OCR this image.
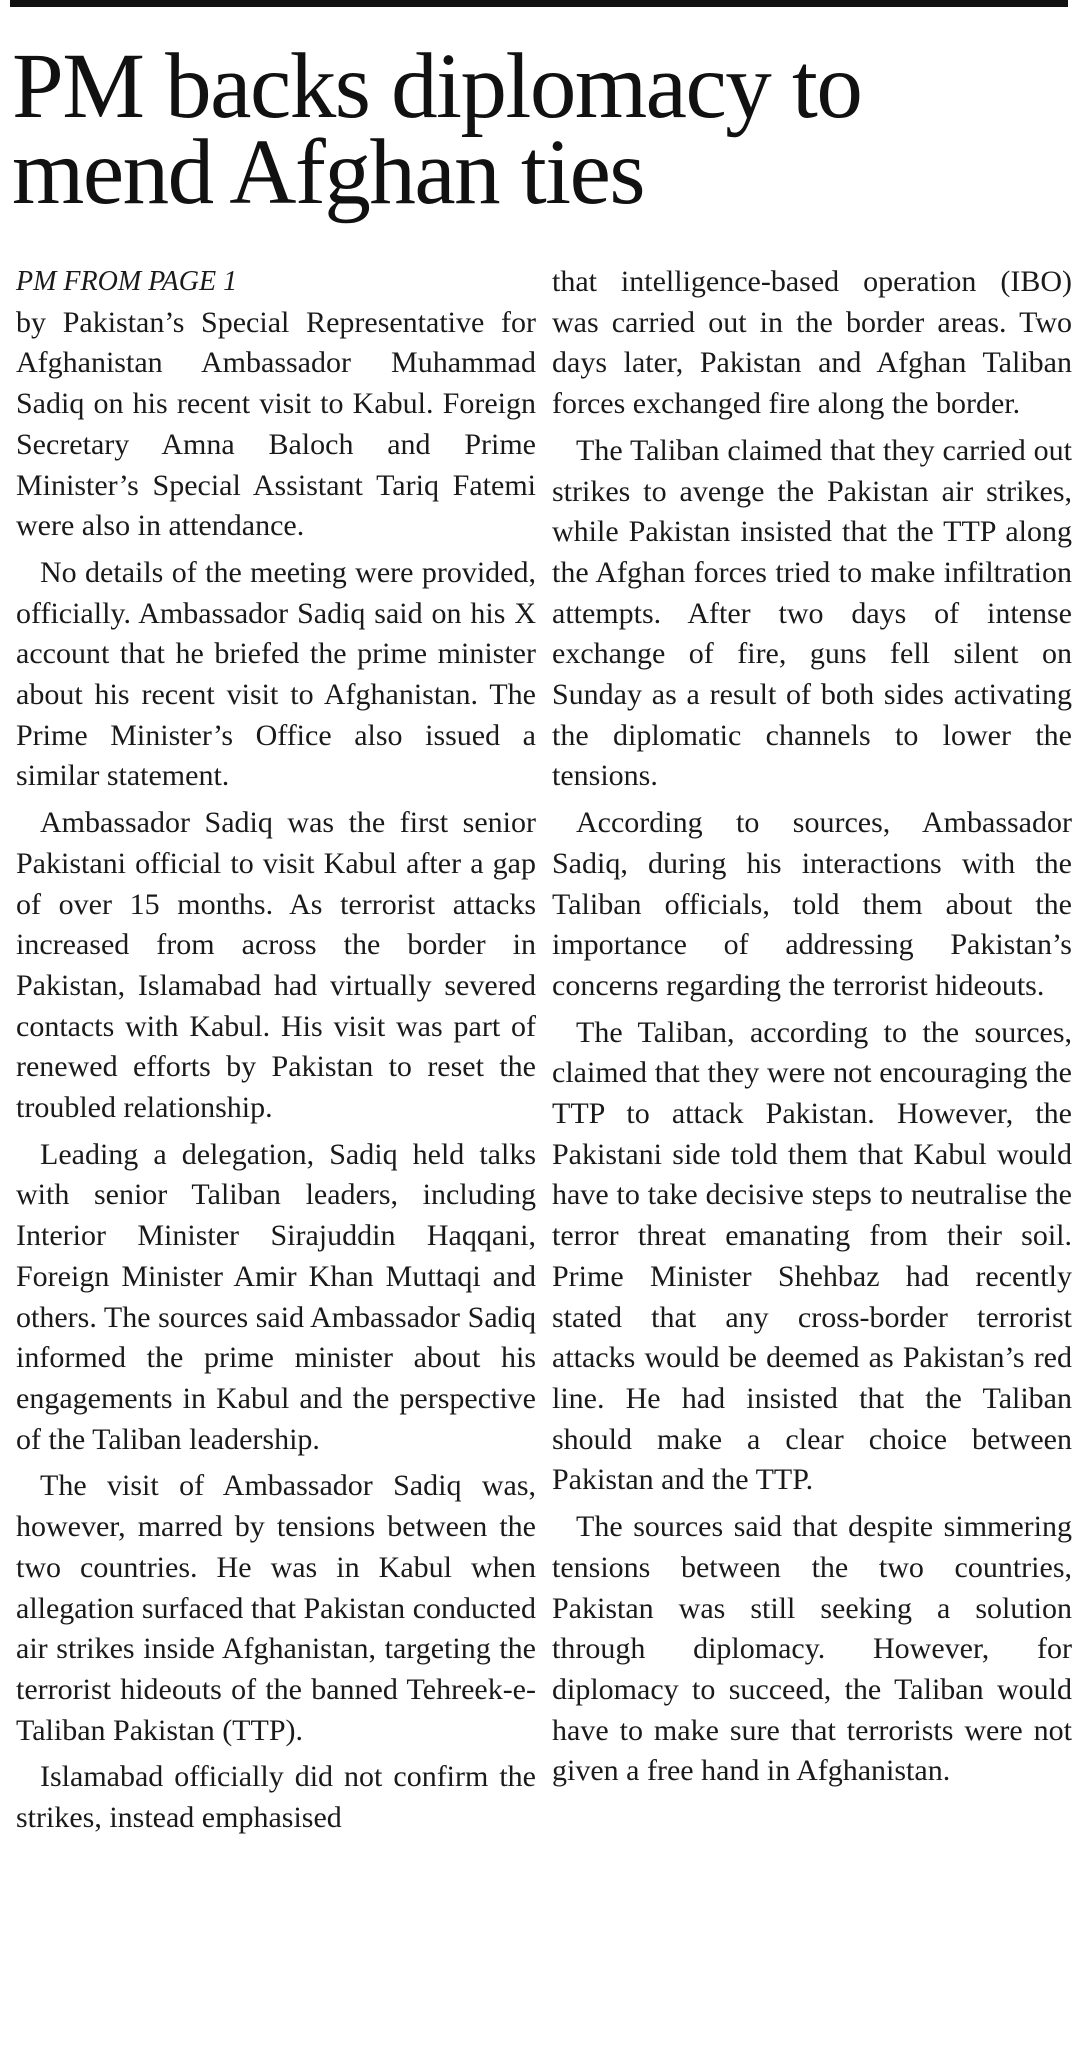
PM backs diplomacy to mend Afghan ties

PM FROM PAGE 1
by Pakistan’s Special Representative for Afghanistan Ambassador Muhammad Sadiq on his recent visit to Kabul. Foreign Secretary Amna Baloch and Prime Minister’s Special Assistant Tariq Fatemi were also in attendance.

No details of the meeting were provided, officially. Ambassador Sadiq said on his X account that he briefed the prime minister about his recent visit to Afghanistan. The Prime Minister’s Office also issued a similar statement.

Ambassador Sadiq was the first senior Pakistani official to visit Kabul after a gap of over 15 months. As terrorist attacks increased from across the border in Pakistan, Islamabad had virtually severed contacts with Kabul. His visit was part of renewed efforts by Pakistan to reset the troubled relationship.

Leading a delegation, Sadiq held talks with senior Taliban leaders, including Interior Minister Sirajuddin Haqqani, Foreign Minister Amir Khan Muttaqi and others. The sources said Ambassador Sadiq informed the prime minister about his engagements in Kabul and the perspective of the Taliban leadership.

The visit of Ambassador Sadiq was, however, marred by tensions between the two countries. He was in Kabul when allegation surfaced that Pakistan conducted air strikes inside Afghanistan, targeting the terrorist hideouts of the banned Tehreek-e-Taliban Pakistan (TTP).

Islamabad officially did not confirm the strikes, instead emphasised

that intelligence-based operation (IBO) was carried out in the border areas. Two days later, Pakistan and Afghan Taliban forces exchanged fire along the border.

The Taliban claimed that they carried out strikes to avenge the Pakistan air strikes, while Pakistan insisted that the TTP along the Afghan forces tried to make infiltration attempts. After two days of intense exchange of fire, guns fell silent on Sunday as a result of both sides activating the diplomatic channels to lower the tensions.

According to sources, Ambassador Sadiq, during his interactions with the Taliban officials, told them about the importance of addressing Pakistan’s concerns regarding the terrorist hideouts.

The Taliban, according to the sources, claimed that they were not encouraging the TTP to attack Pakistan. However, the Pakistani side told them that Kabul would have to take decisive steps to neutralise the terror threat emanating from their soil. Prime Minister Shehbaz had recently stated that any cross-border terrorist attacks would be deemed as Pakistan’s red line. He had insisted that the Taliban should make a clear choice between Pakistan and the TTP.

The sources said that despite simmering tensions between the two countries, Pakistan was still seeking a solution through diplomacy. However, for diplomacy to succeed, the Taliban would have to make sure that terrorists were not given a free hand in Afghanistan.
